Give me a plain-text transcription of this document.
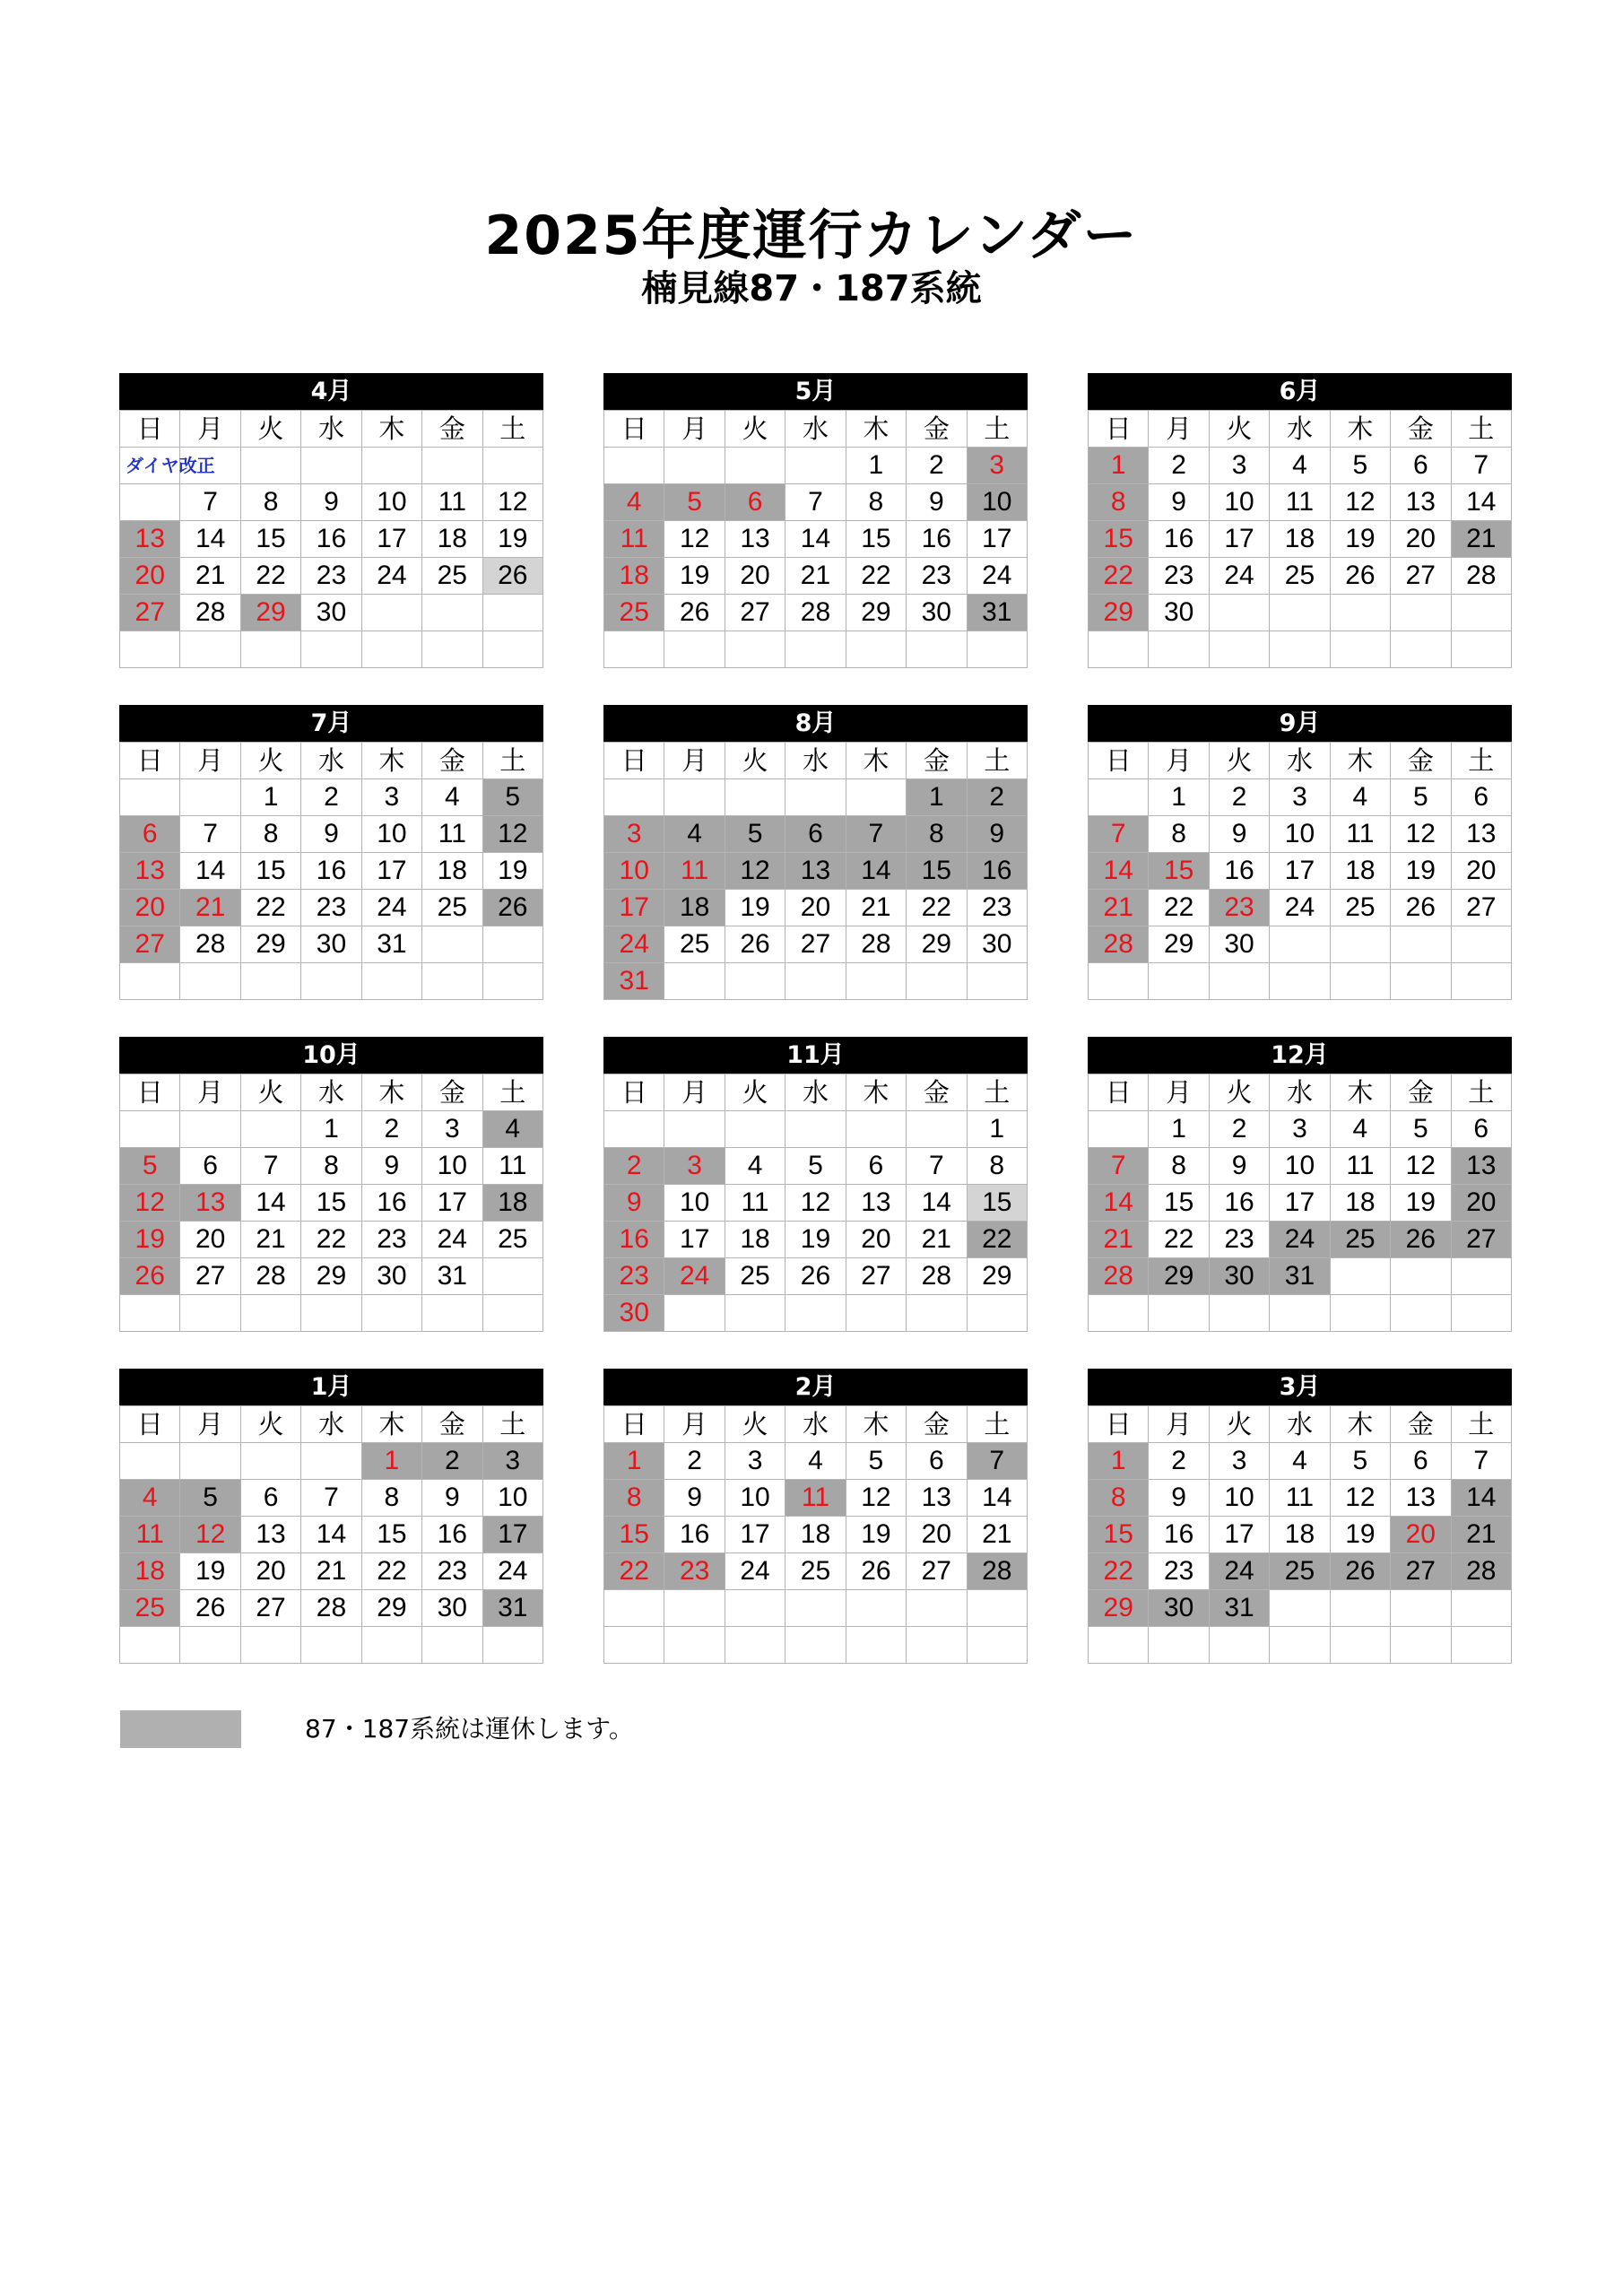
2025年度運行カレンダー
楠見線87・187系統
4月
日	月	火	水	木	金	土

ダイヤ改正						

	7	8	9	10	11	12
13	14	15	16	17	18	19
20	21	22	23	24	25	26
27	28	29	30			

5月
日	月	火	水	木	金	土
				1	2	3
4	5	6	7	8	9	10
11	12	13	14	15	16	17
18	19	20	21	22	23	24
25	26	27	28	29	30	31

6月
日	月	火	水	木	金	土
1	2	3	4	5	6	7
8	9	10	11	12	13	14
15	16	17	18	19	20	21
22	23	24	25	26	27	28
29	30					

7月
日	月	火	水	木	金	土
		1	2	3	4	5
6	7	8	9	10	11	12
13	14	15	16	17	18	19
20	21	22	23	24	25	26
27	28	29	30	31		

8月
日	月	火	水	木	金	土
					1	2
3	4	5	6	7	8	9
10	11	12	13	14	15	16
17	18	19	20	21	22	23
24	25	26	27	28	29	30
31						
9月
日	月	火	水	木	金	土
	1	2	3	4	5	6
7	8	9	10	11	12	13
14	15	16	17	18	19	20
21	22	23	24	25	26	27
28	29	30				

10月
日	月	火	水	木	金	土
			1	2	3	4
5	6	7	8	9	10	11
12	13	14	15	16	17	18
19	20	21	22	23	24	25
26	27	28	29	30	31	

11月
日	月	火	水	木	金	土
						1
2	3	4	5	6	7	8
9	10	11	12	13	14	15
16	17	18	19	20	21	22
23	24	25	26	27	28	29
30						
12月
日	月	火	水	木	金	土
	1	2	3	4	5	6
7	8	9	10	11	12	13
14	15	16	17	18	19	20
21	22	23	24	25	26	27
28	29	30	31			

1月
日	月	火	水	木	金	土
				1	2	3
4	5	6	7	8	9	10
11	12	13	14	15	16	17
18	19	20	21	22	23	24
25	26	27	28	29	30	31

2月
日	月	火	水	木	金	土
1	2	3	4	5	6	7
8	9	10	11	12	13	14
15	16	17	18	19	20	21
22	23	24	25	26	27	28

3月
日	月	火	水	木	金	土
1	2	3	4	5	6	7
8	9	10	11	12	13	14
15	16	17	18	19	20	21
22	23	24	25	26	27	28
29	30	31				

87・187系統は運休します。
